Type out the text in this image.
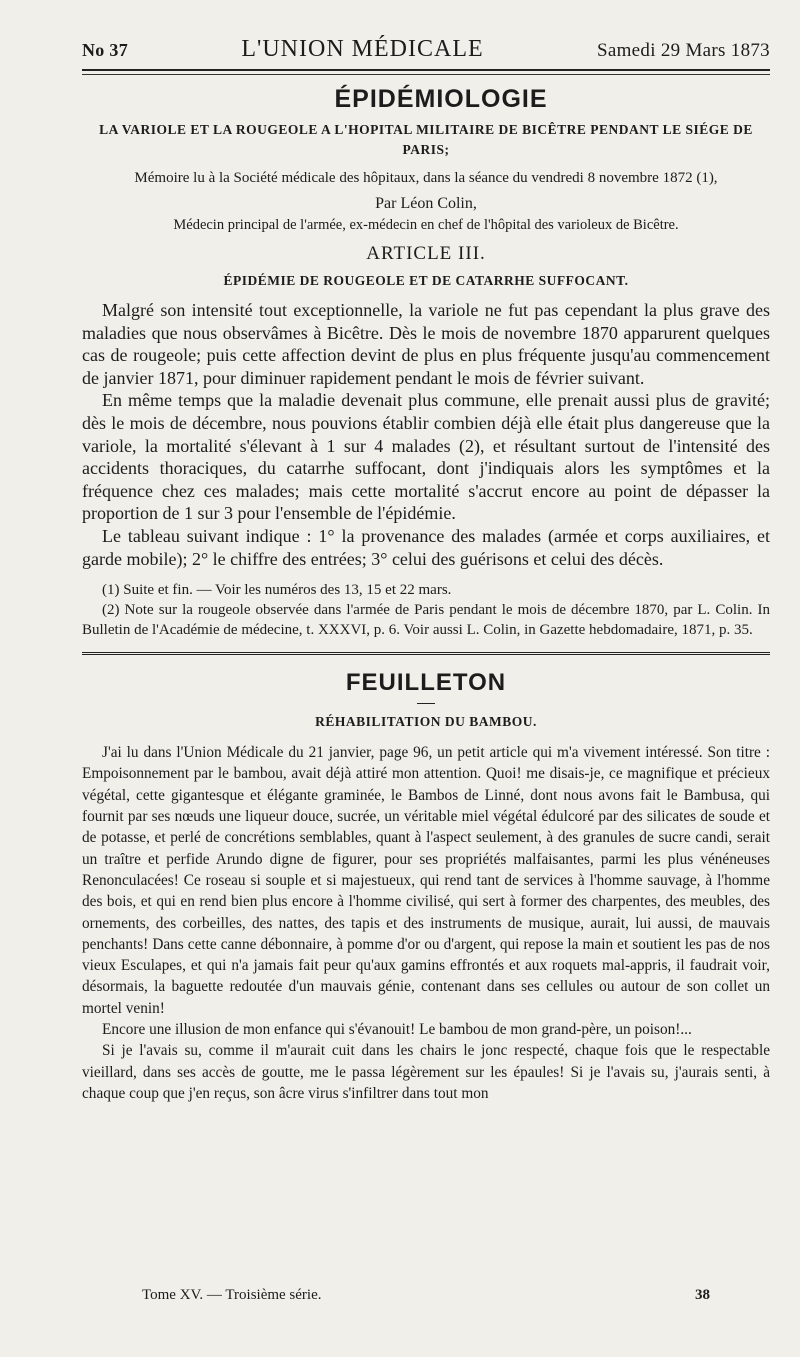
No 37	L'UNION MÉDICALE	Samedi 29 Mars 1873
ÉPIDÉMIOLOGIE
LA VARIOLE ET LA ROUGEOLE A L'HOPITAL MILITAIRE DE BICÊTRE PENDANT LE SIÉGE DE PARIS;
Mémoire lu à la Société médicale des hôpitaux, dans la séance du vendredi 8 novembre 1872 (1),
Par Léon Colin,
Médecin principal de l'armée, ex-médecin en chef de l'hôpital des varioleux de Bicêtre.
ARTICLE III.
ÉPIDÉMIE DE ROUGEOLE ET DE CATARRHE SUFFOCANT.

Malgré son intensité tout exceptionnelle, la variole ne fut pas cependant la plus grave des maladies que nous observâmes à Bicêtre. Dès le mois de novembre 1870 apparurent quelques cas de rougeole; puis cette affection devint de plus en plus fréquente jusqu'au commencement de janvier 1871, pour diminuer rapidement pendant le mois de février suivant.

En même temps que la maladie devenait plus commune, elle prenait aussi plus de gravité; dès le mois de décembre, nous pouvions établir combien déjà elle était plus dangereuse que la variole, la mortalité s'élevant à 1 sur 4 malades (2), et résultant surtout de l'intensité des accidents thoraciques, du catarrhe suffocant, dont j'indiquais alors les symptômes et la fréquence chez ces malades; mais cette mortalité s'accrut encore au point de dépasser la proportion de 1 sur 3 pour l'ensemble de l'épidémie.

Le tableau suivant indique : 1° la provenance des malades (armée et corps auxiliaires, et garde mobile); 2° le chiffre des entrées; 3° celui des guérisons et celui des décès.

(1) Suite et fin. — Voir les numéros des 13, 15 et 22 mars.

(2) Note sur la rougeole observée dans l'armée de Paris pendant le mois de décembre 1870, par L. Colin. In Bulletin de l'Académie de médecine, t. XXXVI, p. 6. Voir aussi L. Colin, in Gazette hebdomadaire, 1871, p. 35.

FEUILLETON
RÉHABILITATION DU BAMBOU.

J'ai lu dans l'Union Médicale du 21 janvier, page 96, un petit article qui m'a vivement intéressé. Son titre : Empoisonnement par le bambou, avait déjà attiré mon attention. Quoi! me disais-je, ce magnifique et précieux végétal, cette gigantesque et élégante graminée, le Bambos de Linné, dont nous avons fait le Bambusa, qui fournit par ses nœuds une liqueur douce, sucrée, un véritable miel végétal édulcoré par des silicates de soude et de potasse, et perlé de concrétions semblables, quant à l'aspect seulement, à des granules de sucre candi, serait un traître et perfide Arundo digne de figurer, pour ses propriétés malfaisantes, parmi les plus vénéneuses Renonculacées! Ce roseau si souple et si majestueux, qui rend tant de services à l'homme sauvage, à l'homme des bois, et qui en rend bien plus encore à l'homme civilisé, qui sert à former des charpentes, des meubles, des ornements, des corbeilles, des nattes, des tapis et des instruments de musique, aurait, lui aussi, de mauvais penchants! Dans cette canne débonnaire, à pomme d'or ou d'argent, qui repose la main et soutient les pas de nos vieux Esculapes, et qui n'a jamais fait peur qu'aux gamins effrontés et aux roquets mal-appris, il faudrait voir, désormais, la baguette redoutée d'un mauvais génie, contenant dans ses cellules ou autour de son collet un mortel venin!

Encore une illusion de mon enfance qui s'évanouit! Le bambou de mon grand-père, un poison!...

Si je l'avais su, comme il m'aurait cuit dans les chairs le jonc respecté, chaque fois que le respectable vieillard, dans ses accès de goutte, me le passa légèrement sur les épaules! Si je l'avais su, j'aurais senti, à chaque coup que j'en reçus, son âcre virus s'infiltrer dans tout mon

Tome XV. — Troisième série.	38
